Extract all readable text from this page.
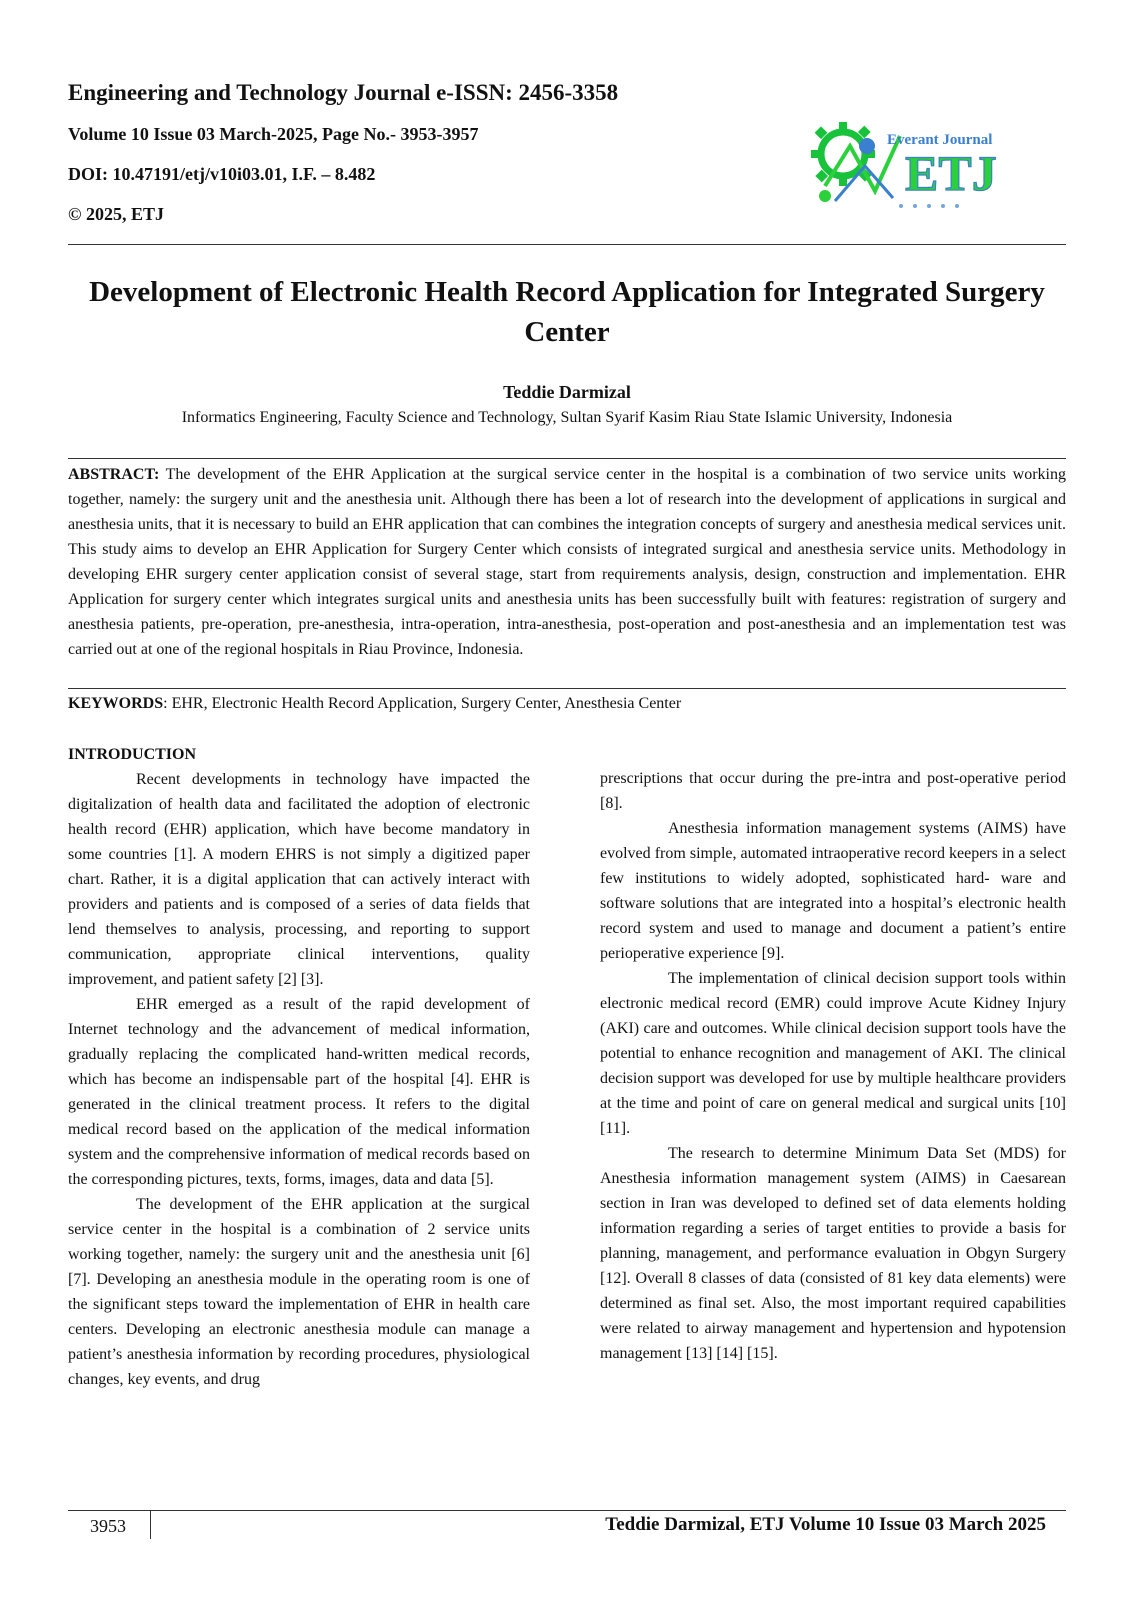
Engineering and Technology Journal e-ISSN: 2456-3358
Volume 10 Issue 03 March-2025, Page No.- 3953-3957
DOI: 10.47191/etj/v10i03.01, I.F. – 8.482
© 2025, ETJ
Everant Journal
ETJ
Development of Electronic Health Record Application for Integrated Surgery Center
Teddie Darmizal
Informatics Engineering, Faculty Science and Technology, Sultan Syarif Kasim Riau State Islamic University, Indonesia

ABSTRACT: The development of the EHR Application at the surgical service center in the hospital is a combination of two service units working together, namely: the surgery unit and the anesthesia unit. Although there has been a lot of research into the development of applications in surgical and anesthesia units, that it is necessary to build an EHR application that can combines the integration concepts of surgery and anesthesia medical services unit. This study aims to develop an EHR Application for Surgery Center which consists of integrated surgical and anesthesia service units. Methodology in developing EHR surgery center application consist of several stage, start from requirements analysis, design, construction and implementation. EHR Application for surgery center which integrates surgical units and anesthesia units has been successfully built with features: registration of surgery and anesthesia patients, pre-operation, pre-anesthesia, intra-operation, intra-anesthesia, post-operation and post-anesthesia and an implementation test was carried out at one of the regional hospitals in Riau Province, Indonesia.

KEYWORDS: EHR, Electronic Health Record Application, Surgery Center, Anesthesia Center
INTRODUCTION

Recent developments in technology have impacted the digitalization of health data and facilitated the adoption of electronic health record (EHR) application, which have become mandatory in some countries [1]. A modern EHRS is not simply a digitized paper chart. Rather, it is a digital application that can actively interact with providers and patients and is composed of a series of data fields that lend themselves to analysis, processing, and reporting to support communication, appropriate clinical interventions, quality improvement, and patient safety [2] [3].

EHR emerged as a result of the rapid development of Internet technology and the advancement of medical information, gradually replacing the complicated hand-written medical records, which has become an indispensable part of the hospital [4]. EHR is generated in the clinical treatment process. It refers to the digital medical record based on the application of the medical information system and the comprehensive information of medical records based on the corresponding pictures, texts, forms, images, data and data [5].

The development of the EHR application at the surgical service center in the hospital is a combination of 2 service units working together, namely: the surgery unit and the anesthesia unit [6] [7]. Developing an anesthesia module in the operating room is one of the significant steps toward the implementation of EHR in health care centers. Developing an electronic anesthesia module can manage a patient’s anesthesia information by recording procedures, physiological changes, key events, and drug

prescriptions that occur during the pre-intra and post-operative period [8].

Anesthesia information management systems (AIMS) have evolved from simple, automated intraoperative record keepers in a select few institutions to widely adopted, sophisticated hard- ware and software solutions that are integrated into a hospital’s electronic health record system and used to manage and document a patient’s entire perioperative experience [9].

The implementation of clinical decision support tools within electronic medical record (EMR) could improve Acute Kidney Injury (AKI) care and outcomes. While clinical decision support tools have the potential to enhance recognition and management of AKI. The clinical decision support was developed for use by multiple healthcare providers at the time and point of care on general medical and surgical units [10] [11].

The research to determine Minimum Data Set (MDS) for Anesthesia information management system (AIMS) in Caesarean section in Iran was developed to defined set of data elements holding information regarding a series of target entities to provide a basis for planning, management, and performance evaluation in Obgyn Surgery [12]. Overall 8 classes of data (consisted of 81 key data elements) were determined as final set. Also, the most important required capabilities were related to airway management and hypertension and hypotension management [13] [14] [15].

3953	Teddie Darmizal, ETJ Volume 10 Issue 03 March 2025
